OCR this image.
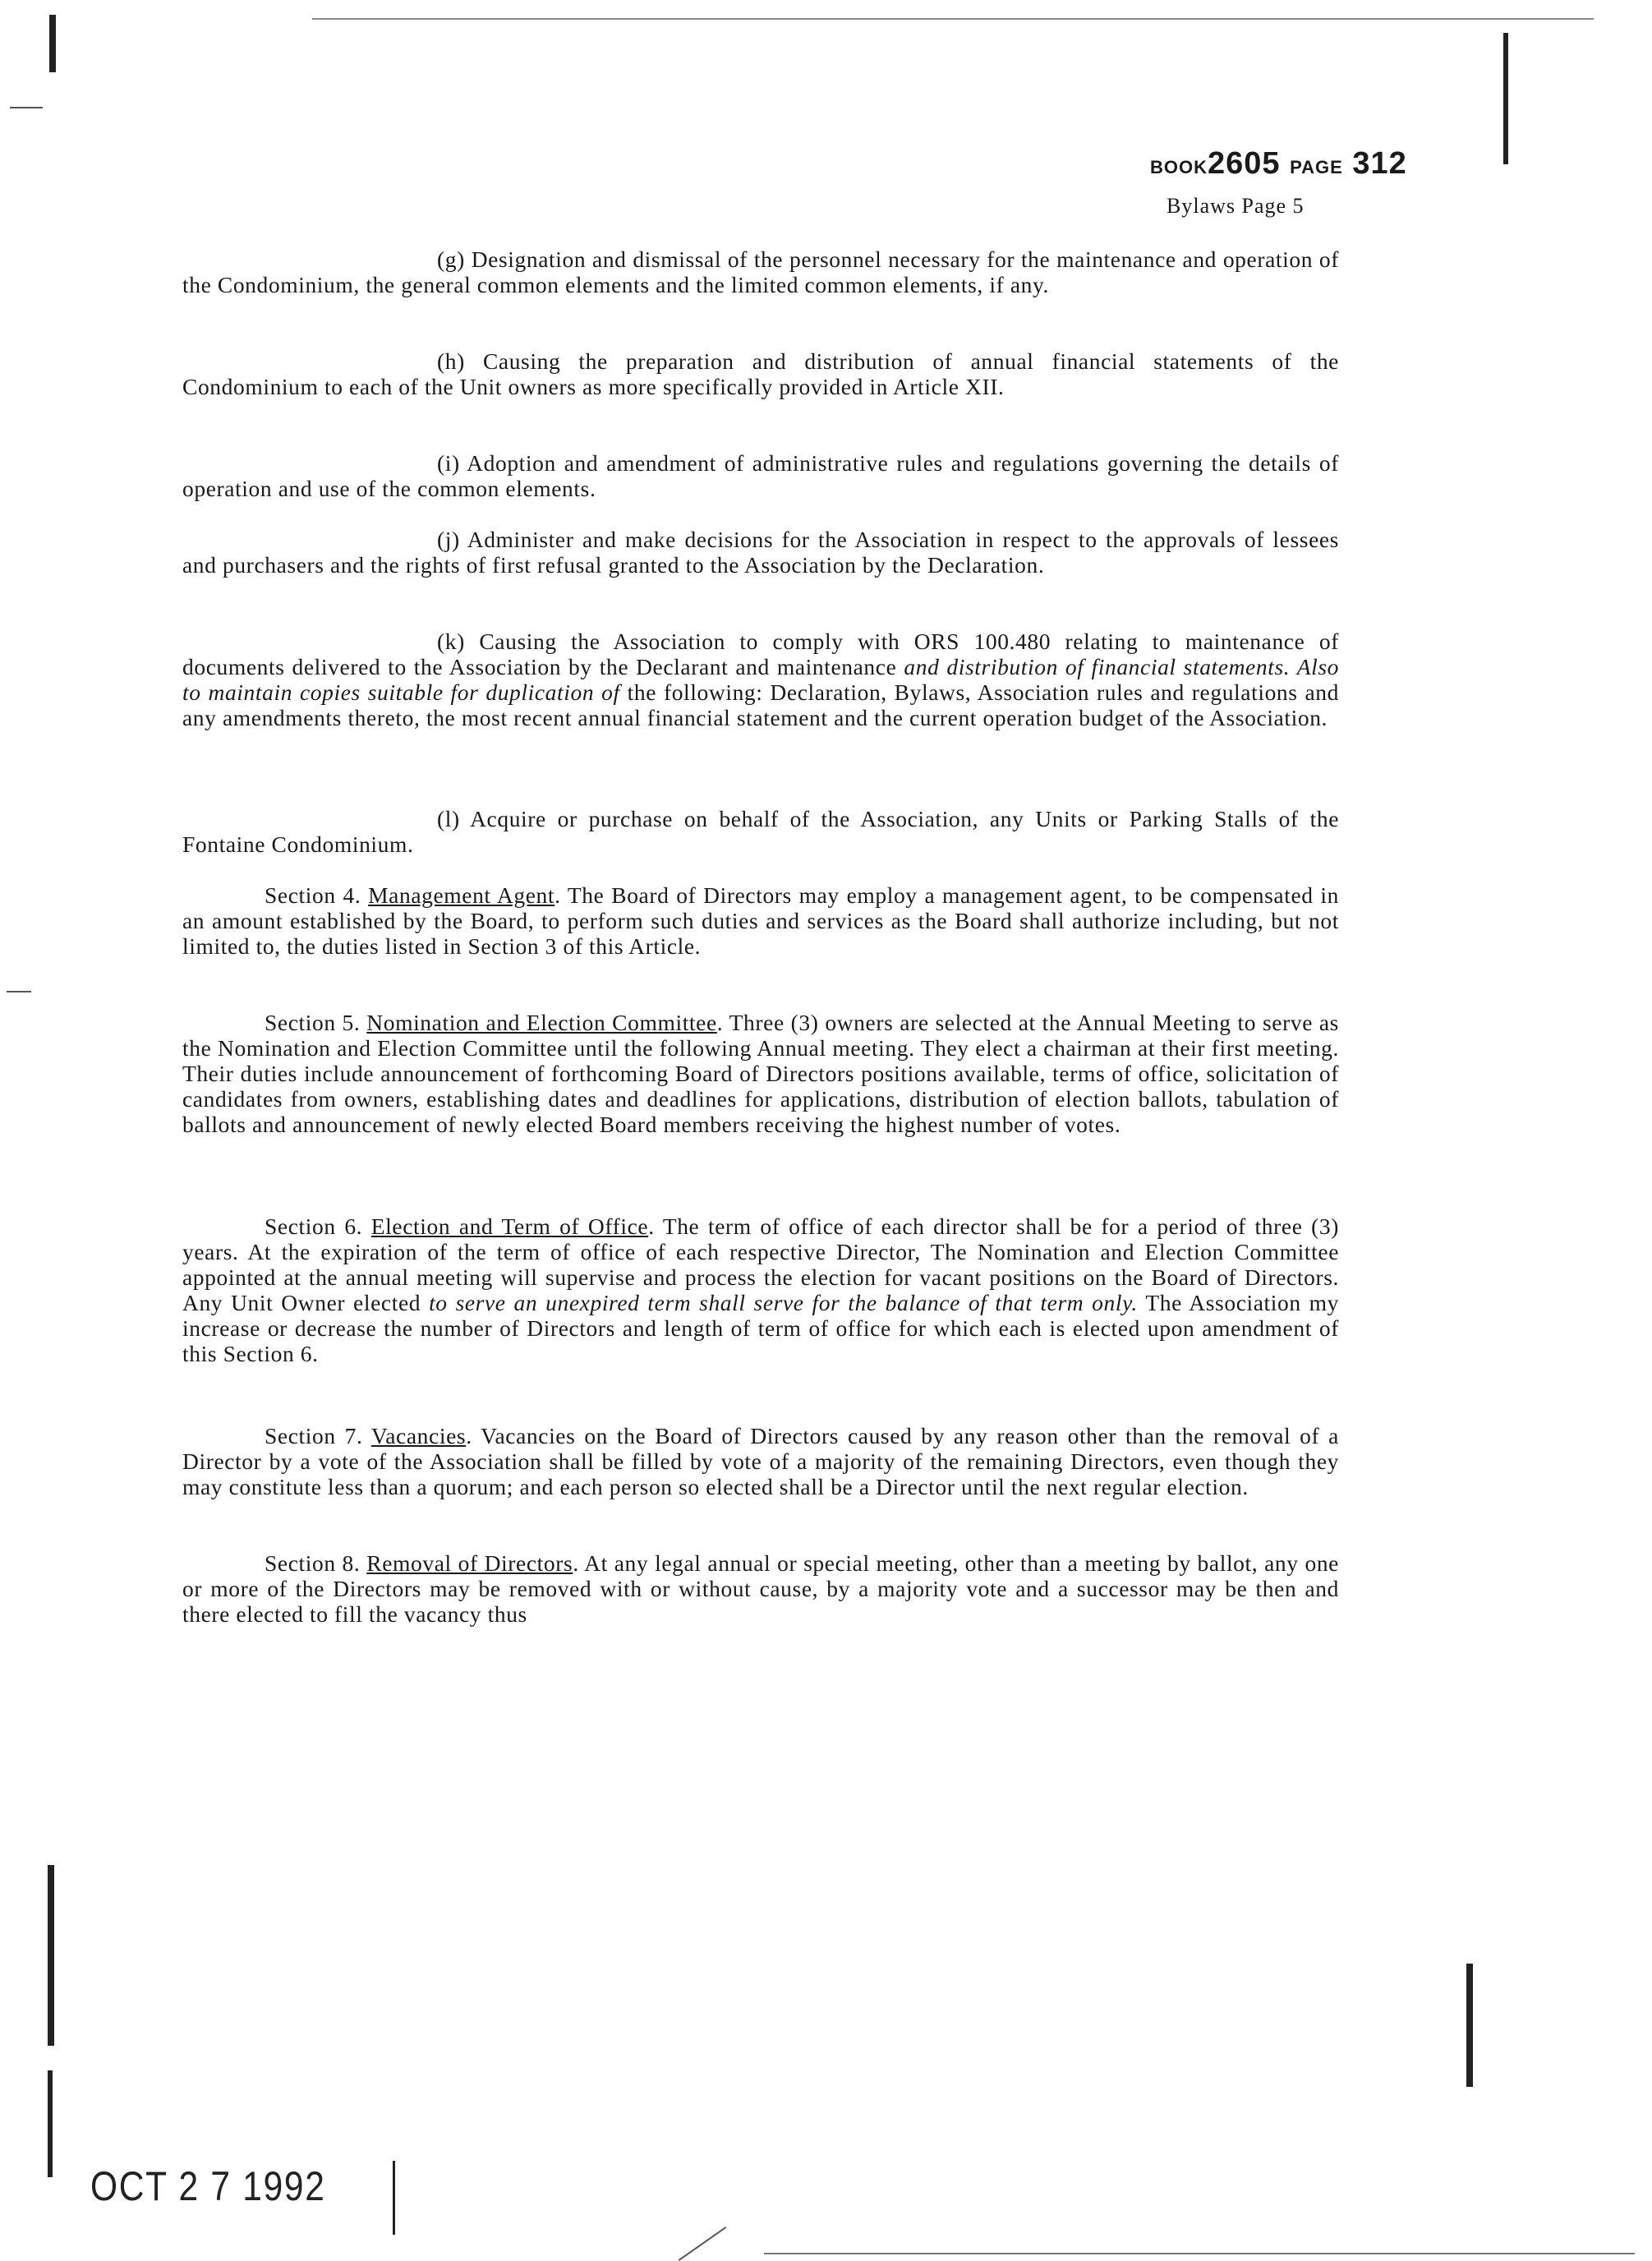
BOOK2605 PAGE 312
Bylaws Page 5
(g) Designation and dismissal of the personnel necessary for the maintenance and operation of the Condominium, the general common elements and the limited common elements, if any.
(h) Causing the preparation and distribution of annual financial statements of the Condominium to each of the Unit owners as more specifically provided in Article XII.
(i) Adoption and amendment of administrative rules and regulations governing the details of operation and use of the common elements.
(j) Administer and make decisions for the Association in respect to the approvals of lessees and purchasers and the rights of first refusal granted to the Association by the Declaration.
(k) Causing the Association to comply with ORS 100.480 relating to maintenance of documents delivered to the Association by the Declarant and maintenance and distribution of financial statements. Also to maintain copies suitable for duplication of the following: Declaration, Bylaws, Association rules and regulations and any amendments thereto, the most recent annual financial statement and the current operation budget of the Association.
(l) Acquire or purchase on behalf of the Association, any Units or Parking Stalls of the Fontaine Condominium.
Section 4. Management Agent. The Board of Directors may employ a management agent, to be compensated in an amount established by the Board, to perform such duties and services as the Board shall authorize including, but not limited to, the duties listed in Section 3 of this Article.
Section 5. Nomination and Election Committee. Three (3) owners are selected at the Annual Meeting to serve as the Nomination and Election Committee until the following Annual meeting. They elect a chairman at their first meeting. Their duties include announcement of forthcoming Board of Directors positions available, terms of office, solicitation of candidates from owners, establishing dates and deadlines for applications, distribution of election ballots, tabulation of ballots and announcement of newly elected Board members receiving the highest number of votes.
Section 6. Election and Term of Office. The term of office of each director shall be for a period of three (3) years. At the expiration of the term of office of each respective Director, The Nomination and Election Committee appointed at the annual meeting will supervise and process the election for vacant positions on the Board of Directors. Any Unit Owner elected to serve an unexpired term shall serve for the balance of that term only. The Association my increase or decrease the number of Directors and length of term of office for which each is elected upon amendment of this Section 6.
Section 7. Vacancies. Vacancies on the Board of Directors caused by any reason other than the removal of a Director by a vote of the Association shall be filled by vote of a majority of the remaining Directors, even though they may constitute less than a quorum; and each person so elected shall be a Director until the next regular election.
Section 8. Removal of Directors. At any legal annual or special meeting, other than a meeting by ballot, any one or more of the Directors may be removed with or without cause, by a majority vote and a successor may be then and there elected to fill the vacancy thus
OCT 2 7 1992
